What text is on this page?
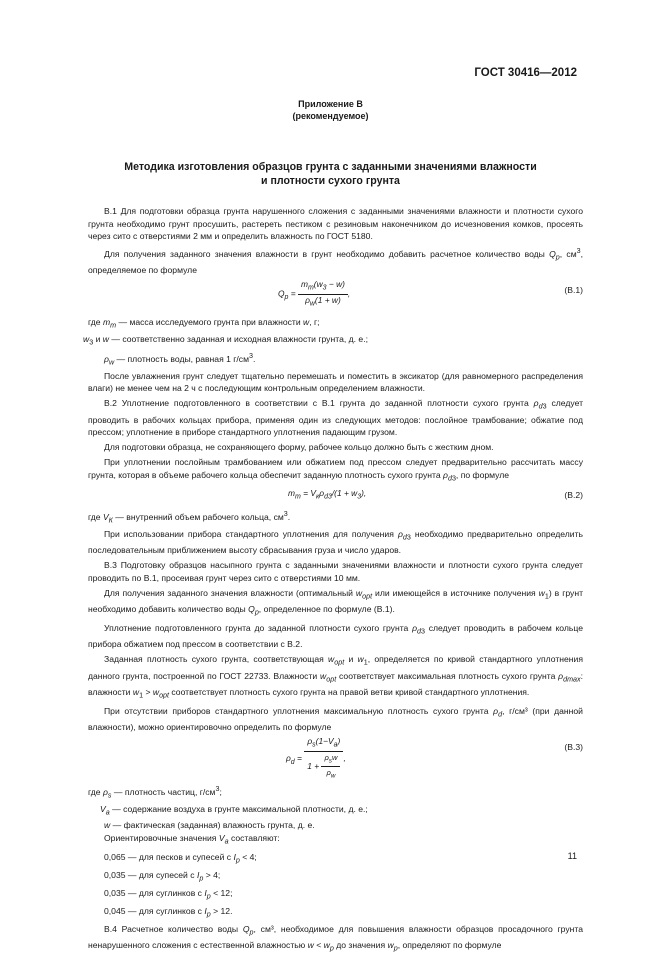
ГОСТ 30416—2012
Приложение В
(рекомендуемое)
Методика изготовления образцов грунта с заданными значениями влажности
и плотности сухого грунта

В.1 Для подготовки образца грунта нарушенного сложения с заданными значениями влажности и плотности сухого грунта необходимо грунт просушить, растереть пестиком с резиновым наконечником до исчезновения комков, просеять через сито с отверстиями 2 мм и определить влажность по ГОСТ 5180.

Для получения заданного значения влажности в грунт необходимо добавить расчетное количество воды $Q_р$, $см^3$, определяемое по формуле

$Q_р = \frac{m_т(w_3 - w)}{\rho_w(1 + w)}$ ,	(В.1)

где $m_т$ — масса исследуемого грунта при влажности w, г;

$w_3$ и w — соответственно заданная и исходная влажности грунта, д. е.;

$\rho_w$ — плотность воды, равная 1 $г/см^3$.

После увлажнения грунт следует тщательно перемешать и поместить в эксикатор (для равномерного распределения влаги) не менее чем на 2 ч с последующим контрольным определением влажности.

В.2 Уплотнение подготовленного в соответствии с В.1 грунта до заданной плотности сухого грунта $\rho_{d3}$ следует проводить в рабочих кольцах прибора, применяя один из следующих методов: послойное трамбование; обжатие под прессом; уплотнение в приборе стандартного уплотнения падающим грузом.

Для подготовки образца, не сохраняющего форму, рабочее кольцо должно быть с жестким дном.

При уплотнении послойным трамбованием или обжатием под прессом следует предварительно рассчитать массу грунта, которая в объеме рабочего кольца обеспечит заданную плотность сухого грунта $\rho_{d3}$, по формуле

$m_т = V_к\rho_{d3}/(1 + w_3)$,	(В.2)

где $V_К$ — внутренний объем рабочего кольца, $см^3$.

При использовании прибора стандартного уплотнения для получения $\rho_{d3}$ необходимо предварительно определить последовательным приближением высоту сбрасывания груза и число ударов.

В.3 Подготовку образцов насыпного грунта с заданными значениями влажности и плотности сухого грунта следует проводить по В.1, просеивая грунт через сито с отверстиями 10 мм.

Для получения заданного значения влажности (оптимальный $w_{opt}$ или имеющейся в источнике получения $w_1$) в грунт необходимо добавить количество воды $Q_р$, определенное по формуле (В.1).

Уплотнение подготовленного грунта до заданной плотности сухого грунта $\rho_{d3}$ следует проводить в рабочем кольце прибора обжатием под прессом в соответствии с В.2.

Заданная плотность сухого грунта, соответствующая $w_{opt}$ и $w_1$, определяется по кривой стандартного уплотнения данного грунта, построенной по ГОСТ 22733. Влажности $w_{opt}$ соответствует максимальная плотность сухого грунта $\rho_{dmax}$: влажности $w_1 > w_{opt}$ соответствует плотность сухого грунта на правой ветви кривой стандартного уплотнения.

При отсутствии приборов стандартного уплотнения максимальную плотность сухого грунта $\rho_d$, г/см³ (при данной влажности), можно ориентировочно определить по формуле

$\rho_d = \frac{\rho_s(1-V_a)}{1 + \frac{\rho_sw}{\rho_w}}$ ,
(В.3)

где $\rho_s$ — плотность частиц, $г/см^3$;

$V_a$ — содержание воздуха в грунте максимальной плотности, д. е.;

w — фактическая (заданная) влажность грунта, д. е.

Ориентировочные значения $V_a$ составляют:

0,065 — для песков и супесей с $I_p < 4$;

0,035 — для супесей с $I_p > 4$;

0,035 — для суглинков с $I_p < 12$;

0,045 — для суглинков с $I_p > 12$.

В.4 Расчетное количество воды $Q_р$, см³, необходимое для повышения влажности образцов просадочного грунта ненарушенного сложения с естественной влажностью $w < w_p$ до значения $w_p$, определяют по формуле

11
